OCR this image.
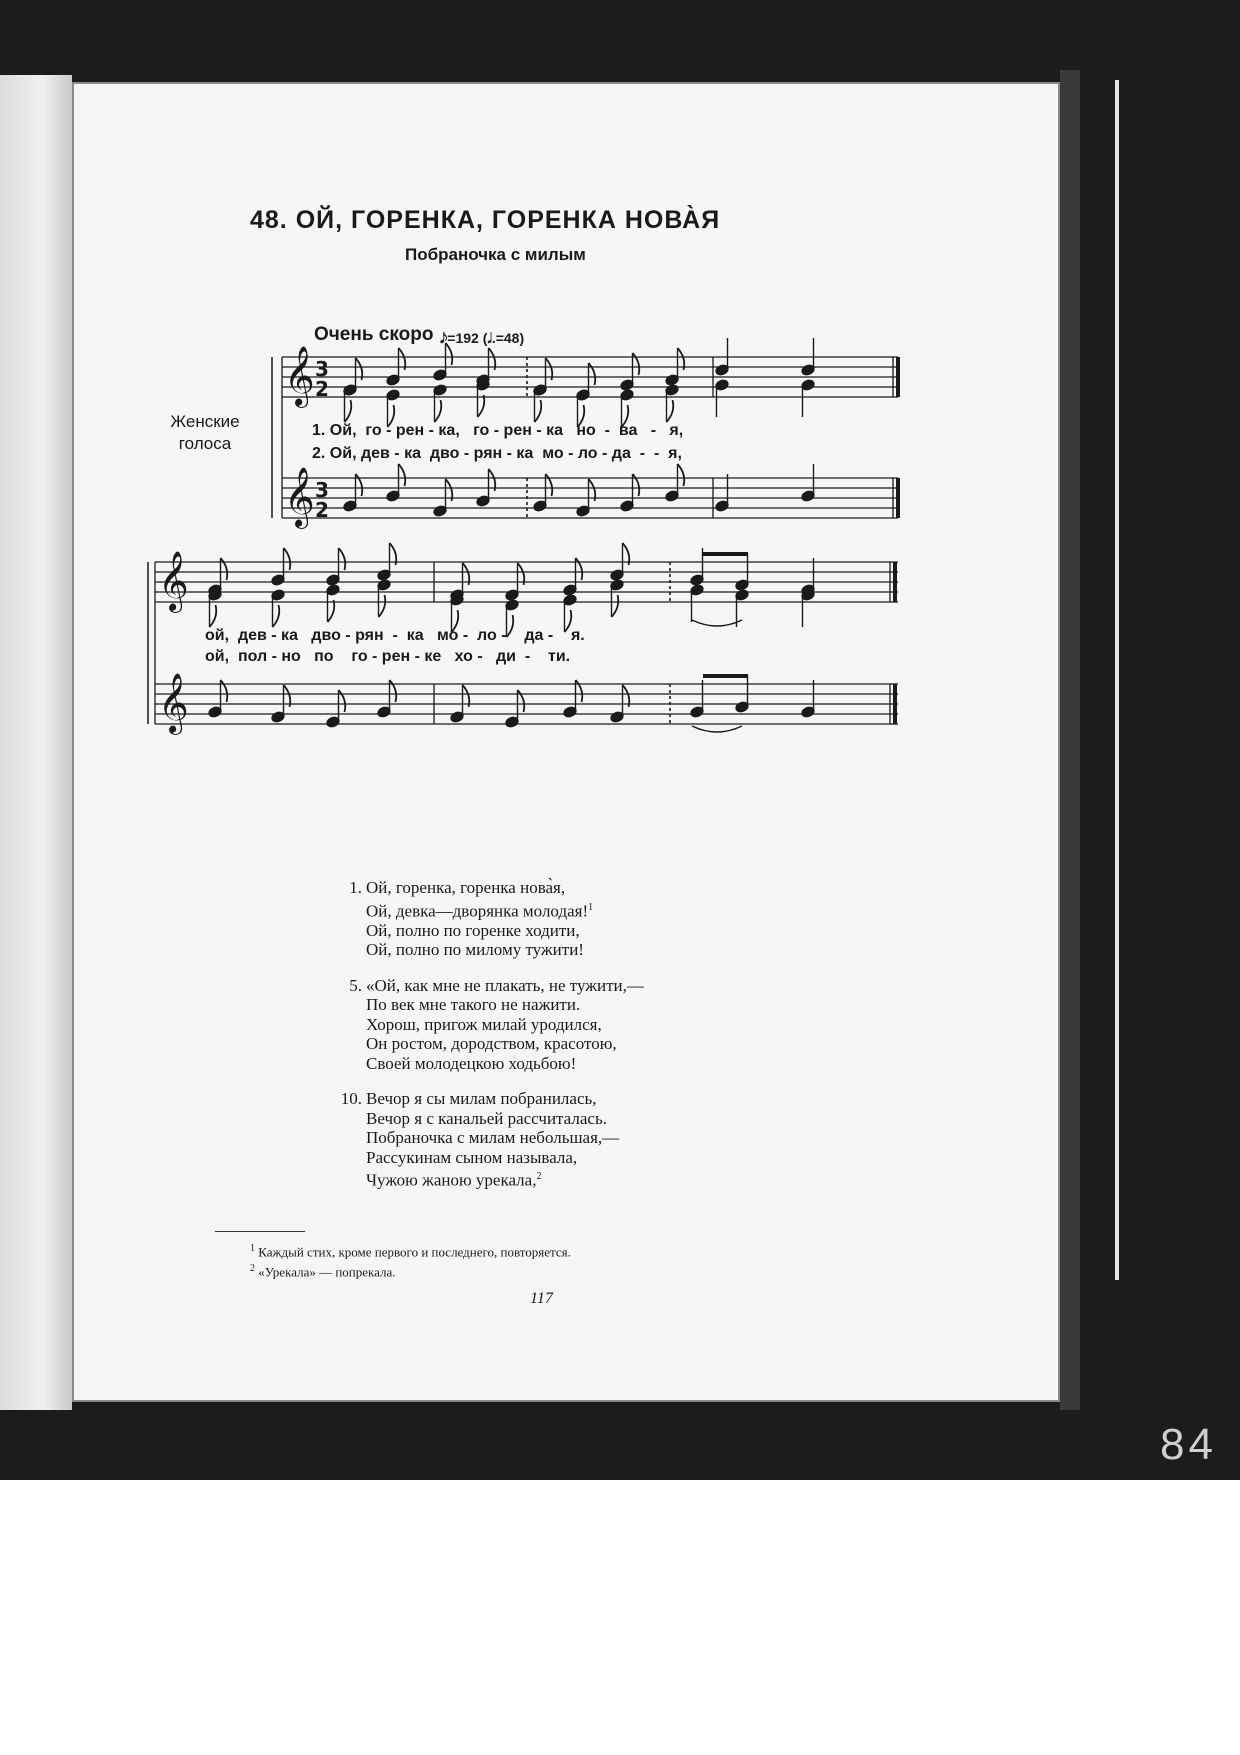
48. ОЙ, ГОРЕНКА, ГОРЕНКА НОВА̀Я
Побраночка с милым
Очень скоро 𝅘𝅥𝅮=192 (𝅗𝅥.=48)
Женские
голоса
𝄞
𝄞
3
2
3
2
𝄞
𝄞
1. Ой,  го - рен - ка,   го - рен - ка   но  -  ва   -   я,
2. Ой, дев - ка  дво - рян - ка  мо - ло - да  -  -  я,
ой,  дев - ка   дво - рян  -  ка   мо -  ло -    да -    я.
ой,  пол - но   по    го - рен - ке   хо -   ди  -    ти.
1. Ой, горенка, горенка нова̀я,
Ой, девка—дворянка молодая!$^1$
Ой, полно по горенке ходити,
Ой, полно по милому тужити!
5. «Ой, как мне не плакать, не тужити,—
По век мне такого не нажити.
Хорош, пригож милай уродился,
Он ростом, дородством, красотою,
Своей молодецкою ходьбою!
10. Вечор я сы милам побранилась,
Вечор я с канальей рассчиталась.
Побраночка с милам небольшая,—
Рассукинам сыном называла,
Чужою жаною урекала,$^2$
$^1$ Каждый стих, кроме первого и последнего, повторяется.
$^2$ «Урекала» — попрекала.
117
84
